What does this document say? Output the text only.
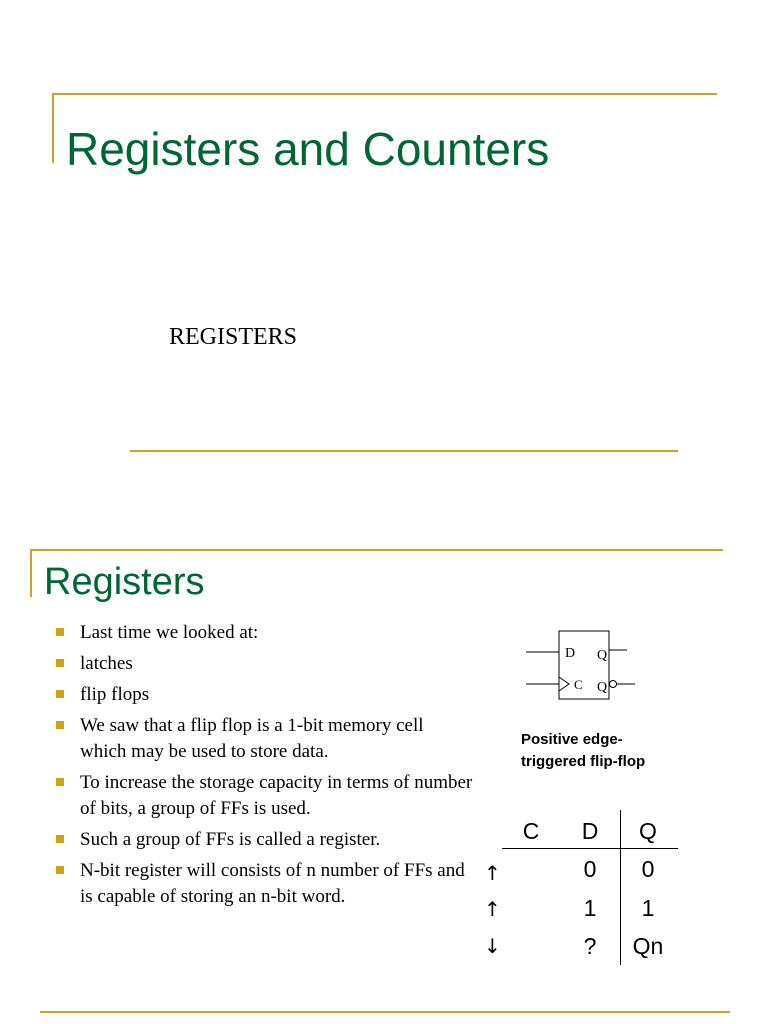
Registers and Counters
REGISTERS
Registers
Last time we looked at:
latches
flip flops
We saw that a flip flop is a 1-bit memory cell which may be used to store data.
To increase the storage capacity in terms of number of bits, a group of FFs is used.
Such a group of FFs is called a register.
N-bit register will consists of n number of FFs and is capable of storing an n-bit word.
D
C
Q
Q
Positive edge-triggered flip-flop
C	D	Q
↑	0	0
↑	1	1
↓	?	Qn
